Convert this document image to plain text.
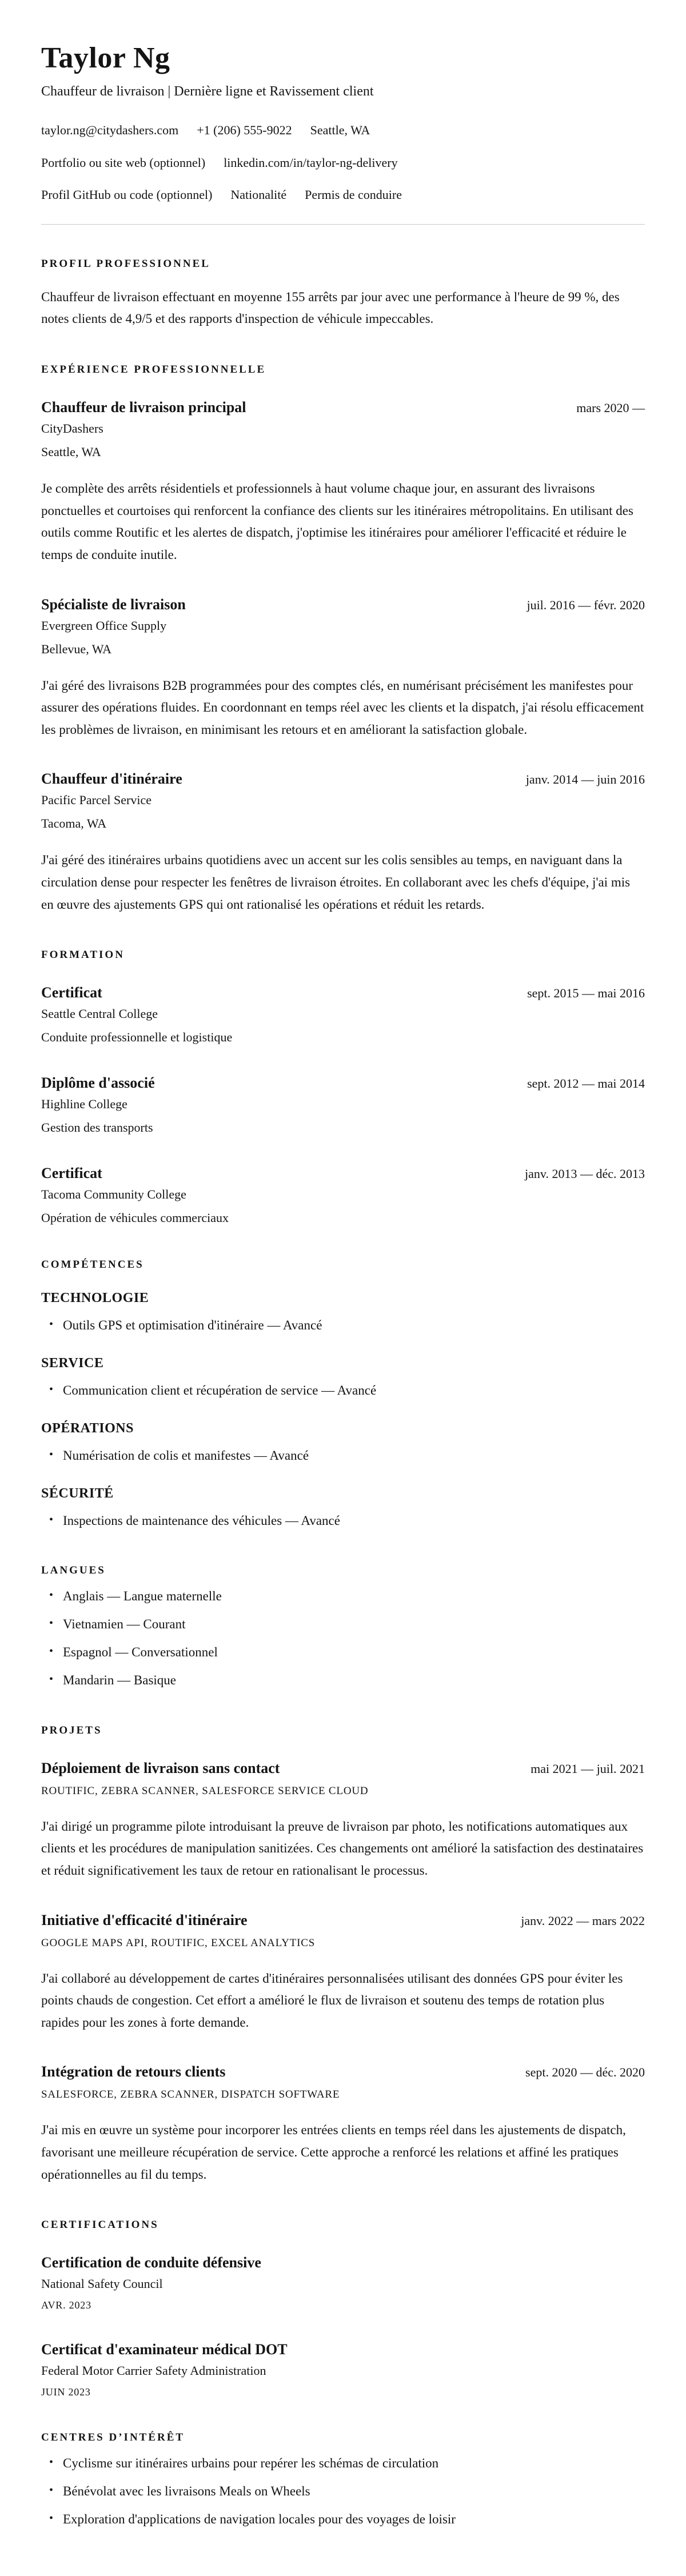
Taylor Ng

Chauffeur de livraison | Dernière ligne et Ravissement client

taylor.ng@citydashers.com +1 (206) 555-9022 Seattle, WA
Portfolio ou site web (optionnel) linkedin.com/in/taylor-ng-delivery
Profil GitHub ou code (optionnel) Nationalité Permis de conduire
PROFIL PROFESSIONNEL

Chauffeur de livraison effectuant en moyenne 155 arrêts par jour avec une performance à l'heure de 99 %, des notes clients de 4,9/5 et des rapports d'inspection de véhicule impeccables.

EXPÉRIENCE PROFESSIONNELLE
Chauffeur de livraison principal	mars 2020 —
CityDashers
Seattle, WA

Je complète des arrêts résidentiels et professionnels à haut volume chaque jour, en assurant des livraisons ponctuelles et courtoises qui renforcent la confiance des clients sur les itinéraires métropolitains. En utilisant des outils comme Routific et les alertes de dispatch, j'optimise les itinéraires pour améliorer l'efficacité et réduire le temps de conduite inutile.

Spécialiste de livraison	juil. 2016 — févr. 2020
Evergreen Office Supply
Bellevue, WA

J'ai géré des livraisons B2B programmées pour des comptes clés, en numérisant précisément les manifestes pour assurer des opérations fluides. En coordonnant en temps réel avec les clients et la dispatch, j'ai résolu efficacement les problèmes de livraison, en minimisant les retours et en améliorant la satisfaction globale.

Chauffeur d'itinéraire	janv. 2014 — juin 2016
Pacific Parcel Service
Tacoma, WA

J'ai géré des itinéraires urbains quotidiens avec un accent sur les colis sensibles au temps, en naviguant dans la circulation dense pour respecter les fenêtres de livraison étroites. En collaborant avec les chefs d'équipe, j'ai mis en œuvre des ajustements GPS qui ont rationalisé les opérations et réduit les retards.

FORMATION
Certificat	sept. 2015 — mai 2016
Seattle Central College
Conduite professionnelle et logistique
Diplôme d'associé	sept. 2012 — mai 2014
Highline College
Gestion des transports
Certificat	janv. 2013 — déc. 2013
Tacoma Community College
Opération de véhicules commerciaux
COMPÉTENCES
TECHNOLOGIE
• Outils GPS et optimisation d'itinéraire — Avancé
SERVICE
• Communication client et récupération de service — Avancé
OPÉRATIONS
• Numérisation de colis et manifestes — Avancé
SÉCURITÉ
• Inspections de maintenance des véhicules — Avancé
LANGUES
• Anglais — Langue maternelle
• Vietnamien — Courant
• Espagnol — Conversationnel
• Mandarin — Basique
PROJETS
Déploiement de livraison sans contact	mai 2021 — juil. 2021
ROUTIFIC, ZEBRA SCANNER, SALESFORCE SERVICE CLOUD

J'ai dirigé un programme pilote introduisant la preuve de livraison par photo, les notifications automatiques aux clients et les procédures de manipulation sanitizées. Ces changements ont amélioré la satisfaction des destinataires et réduit significativement les taux de retour en rationalisant le processus.

Initiative d'efficacité d'itinéraire	janv. 2022 — mars 2022
GOOGLE MAPS API, ROUTIFIC, EXCEL ANALYTICS

J'ai collaboré au développement de cartes d'itinéraires personnalisées utilisant des données GPS pour éviter les points chauds de congestion. Cet effort a amélioré le flux de livraison et soutenu des temps de rotation plus rapides pour les zones à forte demande.

Intégration de retours clients	sept. 2020 — déc. 2020
SALESFORCE, ZEBRA SCANNER, DISPATCH SOFTWARE

J'ai mis en œuvre un système pour incorporer les entrées clients en temps réel dans les ajustements de dispatch, favorisant une meilleure récupération de service. Cette approche a renforcé les relations et affiné les pratiques opérationnelles au fil du temps.

CERTIFICATIONS
Certification de conduite défensive
National Safety Council
AVR. 2023
Certificat d'examinateur médical DOT
Federal Motor Carrier Safety Administration
JUIN 2023
CENTRES D’INTÉRÊT
• Cyclisme sur itinéraires urbains pour repérer les schémas de circulation
• Bénévolat avec les livraisons Meals on Wheels
• Exploration d'applications de navigation locales pour des voyages de loisir
